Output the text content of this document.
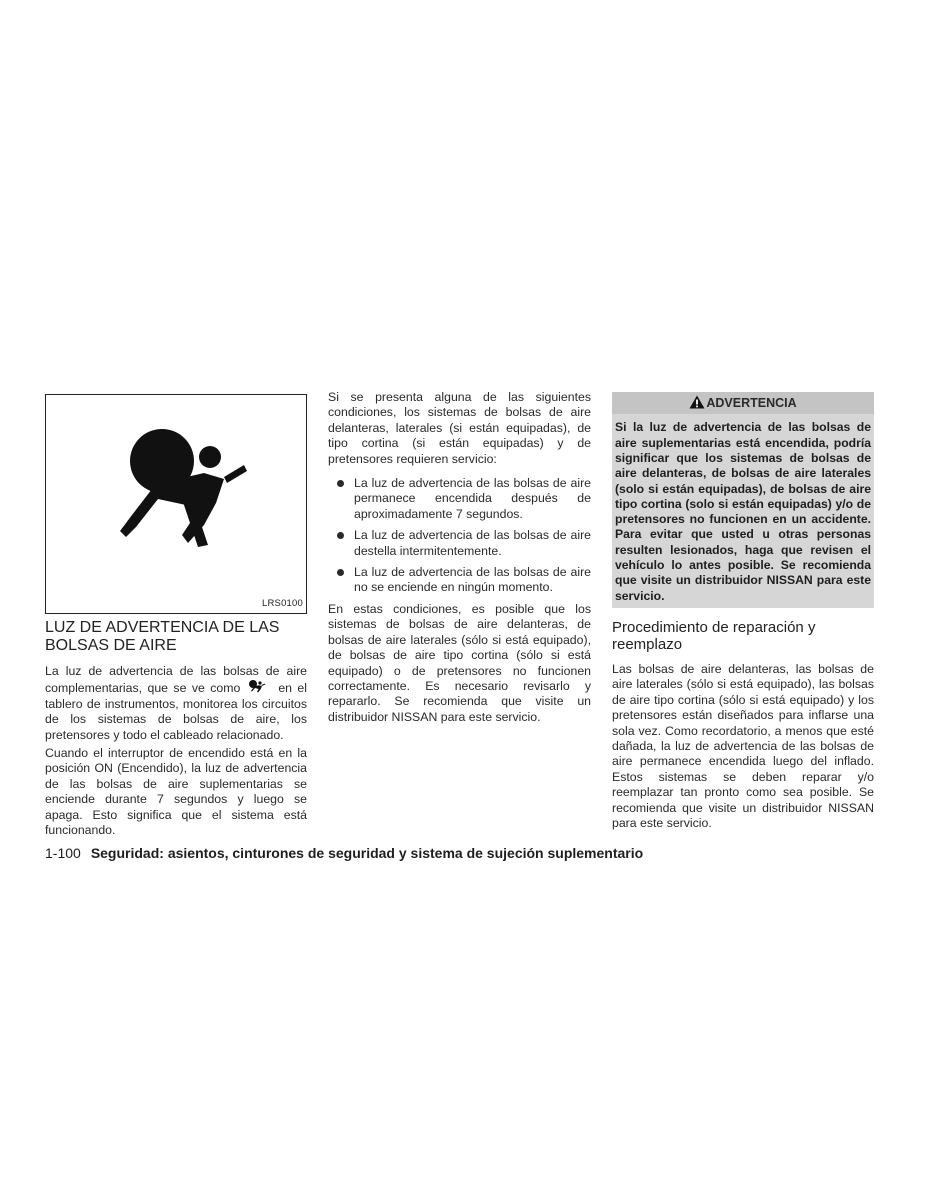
LRS0100
LUZ DE ADVERTENCIA DE LAS BOLSAS DE AIRE

La luz de advertencia de las bolsas de aire complementarias, que se ve como	en el tablero de instrumentos, monitorea los circuitos de los sistemas de bolsas de aire, los pretensores y todo el cableado relacionado.

Cuando el interruptor de encendido está en la posición ON (Encendido), la luz de advertencia de las bolsas de aire suplementarias se enciende durante 7 segundos y luego se apaga. Esto significa que el sistema está funcionando.

Si se presenta alguna de las siguientes condiciones, los sistemas de bolsas de aire delanteras, laterales (si están equipadas), de tipo cortina (si están equipadas) y de pretensores requieren servicio:

La luz de advertencia de las bolsas de aire permanece encendida después de aproximadamente 7 segundos.
La luz de advertencia de las bolsas de aire destella intermitentemente.
La luz de advertencia de las bolsas de aire no se enciende en ningún momento.

En estas condiciones, es posible que los sistemas de bolsas de aire delanteras, de bolsas de aire laterales (sólo si está equipado), de bolsas de aire tipo cortina (sólo si está equipado) o de pretensores no funcionen correctamente. Es necesario revisarlo y repararlo. Se recomienda que visite un distribuidor NISSAN para este servicio.

ADVERTENCIA
Si la luz de advertencia de las bolsas de aire suplementarias está encendida, podría significar que los sistemas de bolsas de aire delanteras, de bolsas de aire laterales (solo si están equipadas), de bolsas de aire tipo cortina (solo si están equipadas) y/o de pretensores no funcionen en un accidente. Para evitar que usted u otras personas resulten lesionados, haga que revisen el vehículo lo antes posible. Se recomienda que visite un distribuidor NISSAN para este servicio.
Procedimiento de reparación y reemplazo

Las bolsas de aire delanteras, las bolsas de aire laterales (sólo si está equipado), las bolsas de aire tipo cortina (sólo si está equipado) y los pretensores están diseñados para inflarse una sola vez. Como recordatorio, a menos que esté dañada, la luz de advertencia de las bolsas de aire permanece encendida luego del inflado. Estos sistemas se deben reparar y/o reemplazar tan pronto como sea posible. Se recomienda que visite un distribuidor NISSAN para este servicio.

1-100 Seguridad: asientos, cinturones de seguridad y sistema de sujeción suplementario
